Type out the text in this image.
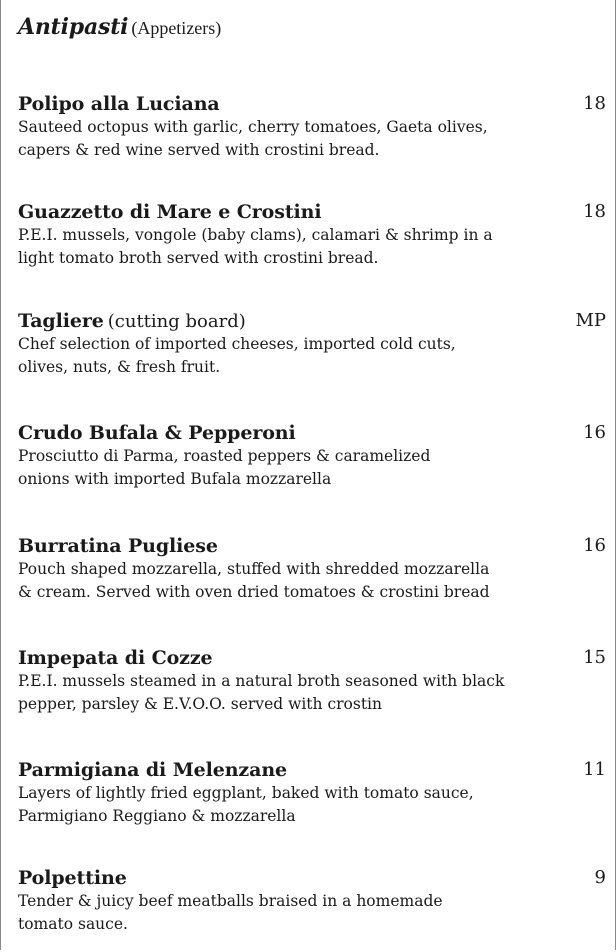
Antipasti (Appetizers)
Polipo alla Luciana	18
Sauteed octopus with garlic, cherry tomatoes, Gaeta olives,
capers & red wine served with crostini bread.
Guazzetto di Mare e Crostini	18
P.E.I. mussels, vongole (baby clams), calamari & shrimp in a
light tomato broth served with crostini bread.
Tagliere (cutting board)	MP
Chef selection of imported cheeses, imported cold cuts,
olives, nuts, & fresh fruit.
Crudo Bufala & Pepperoni	16
Prosciutto di Parma, roasted peppers & caramelized
onions with imported Bufala mozzarella
Burratina Pugliese	16
Pouch shaped mozzarella, stuffed with shredded mozzarella
& cream. Served with oven dried tomatoes & crostini bread
Impepata di Cozze	15
P.E.I. mussels steamed in a natural broth seasoned with black
pepper, parsley & E.V.O.O. served with crostin
Parmigiana di Melenzane	11
Layers of lightly fried eggplant, baked with tomato sauce,
Parmigiano Reggiano & mozzarella
Polpettine	9
Tender & juicy beef meatballs braised in a homemade
tomato sauce.
